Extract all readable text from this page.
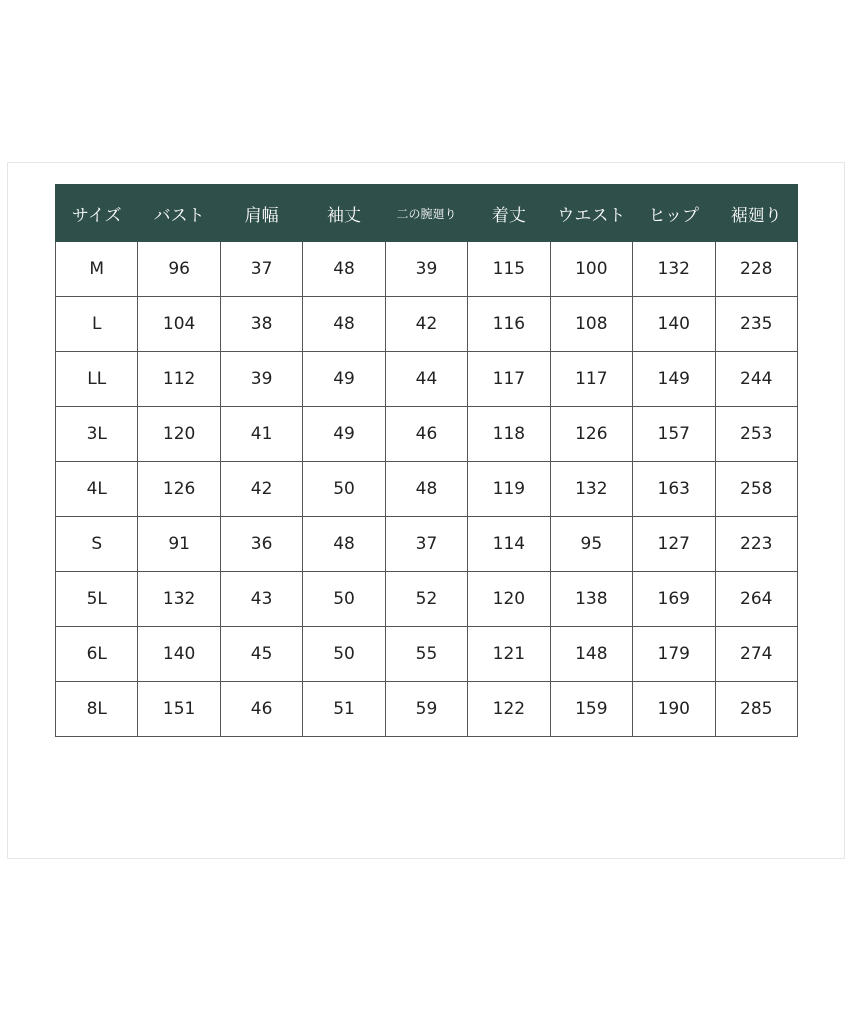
サイズ	バスト	肩幅	袖丈	二の腕廻り	着丈	ウエスト	ヒップ	裾廻り
M	96	37	48	39	115	100	132	228
L	104	38	48	42	116	108	140	235
LL	112	39	49	44	117	117	149	244
3L	120	41	49	46	118	126	157	253
4L	126	42	50	48	119	132	163	258
S	91	36	48	37	114	95	127	223
5L	132	43	50	52	120	138	169	264
6L	140	45	50	55	121	148	179	274
8L	151	46	51	59	122	159	190	285
